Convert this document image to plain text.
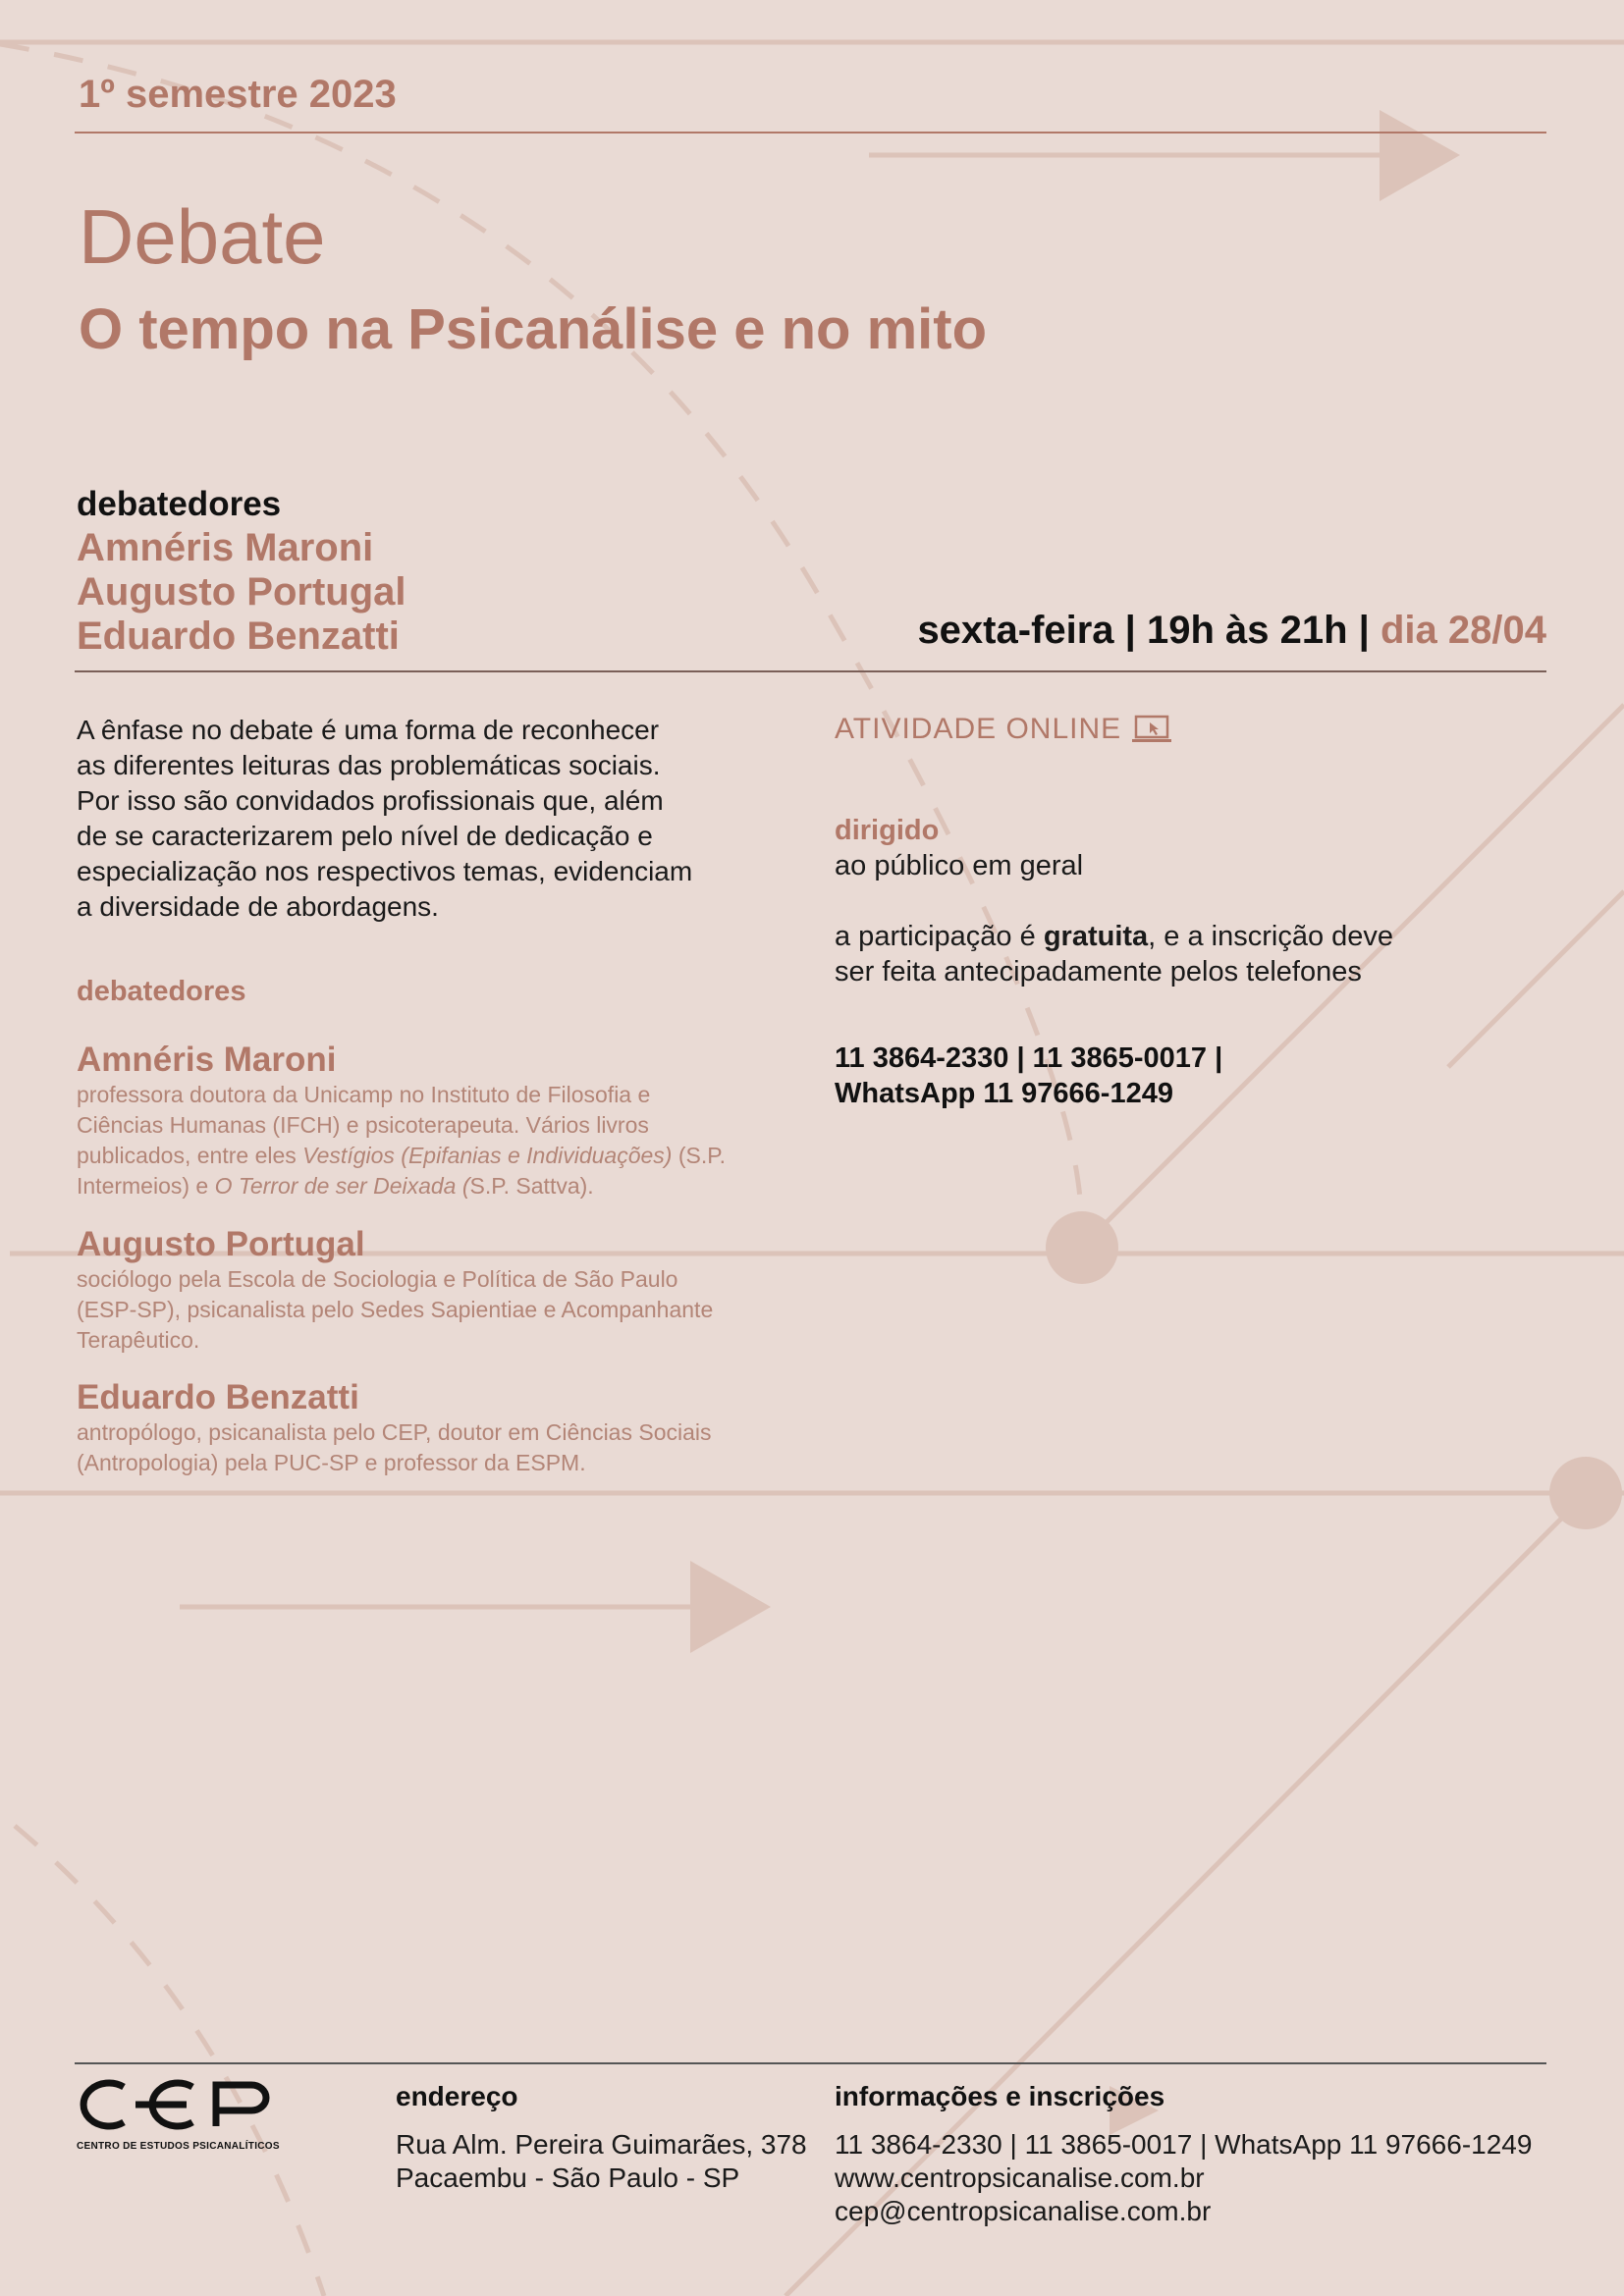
1º semestre 2023
Debate
O tempo na Psicanálise e no mito
debatedores
Amnéris Maroni
Augusto Portugal
Eduardo Benzatti	sexta-feira | 19h às 21h | dia 28/04
A ênfase no debate é uma forma de reconhecer
as diferentes leituras das problemáticas sociais.
Por isso são convidados profissionais que, além
de se caracterizarem pelo nível de dedicação e
especialização nos respectivos temas, evidenciam
a diversidade de abordagens.
debatedores
Amnéris Maroni
professora doutora da Unicamp no Instituto de Filosofia e
Ciências Humanas (IFCH) e psicoterapeuta. Vários livros
publicados, entre eles Vestígios (Epifanias e Individuações) (S.P.
Intermeios) e O Terror de ser Deixada (S.P. Sattva).
Augusto Portugal
sociólogo pela Escola de Sociologia e Política de São Paulo
(ESP-SP), psicanalista pelo Sedes Sapientiae e Acompanhante
Terapêutico.
Eduardo Benzatti
antropólogo, psicanalista pelo CEP, doutor em Ciências Sociais
(Antropologia) pela PUC-SP e professor da ESPM.
ATIVIDADE ONLINE
dirigido
ao público em geral
a participação é gratuita, e a inscrição deve
ser feita antecipadamente pelos telefones
11 3864-2330 | 11 3865-0017 |
WhatsApp 11 97666-1249
CENTRO DE ESTUDOS PSICANALÍTICOS
endereço
Rua Alm. Pereira Guimarães, 378
Pacaembu - São Paulo - SP
informações e inscrições
11 3864-2330 | 11 3865-0017 | WhatsApp 11 97666-1249
www.centropsicanalise.com.br
cep@centropsicanalise.com.br
